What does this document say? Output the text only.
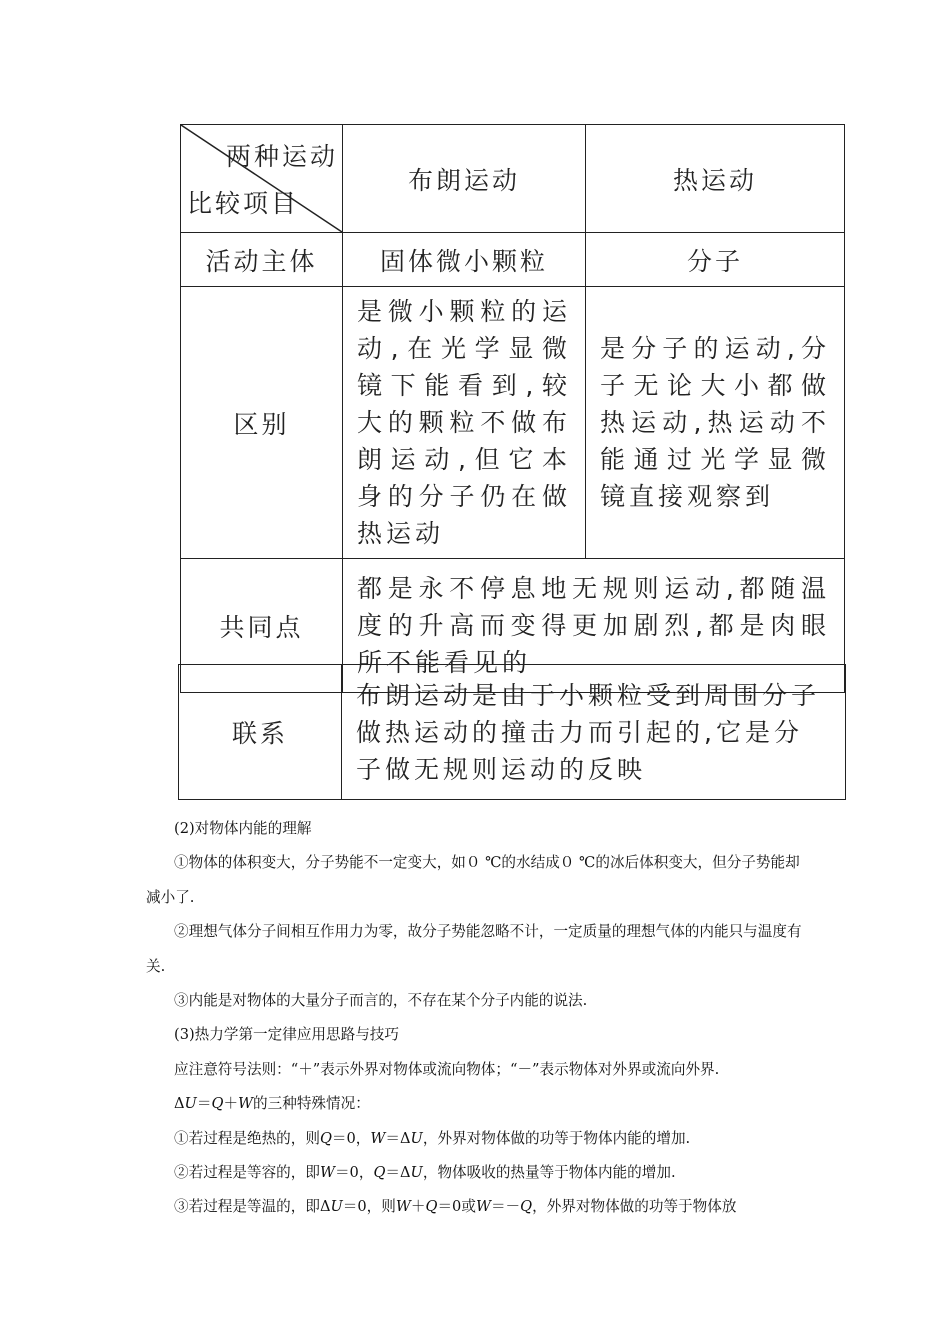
两种运动
比较项目	布朗运动	热运动
活动主体	固体微小颗粒	分子
区别	是微小颗粒的运动,在光学显微镜下能看到,较大的颗粒不做布朗运动,但它本身的分子仍在做热运动	是分子的运动,分子无论大小都做热运动,热运动不能通过光学显微镜直接观察到
共同点	都是永不停息地无规则运动,都随温度的升高而变得更加剧烈,都是肉眼所不能看见的	
联系	布朗运动是由于小颗粒受到周围分子做热运动的撞击力而引起的,它是分子做无规则运动的反映

(2)对物体内能的理解

①物体的体积变大，分子势能不一定变大，如０ ℃的水结成０ ℃的冰后体积变大，但分子势能却减小了.

②理想气体分子间相互作用力为零，故分子势能忽略不计，一定质量的理想气体的内能只与温度有关.

③内能是对物体的大量分子而言的，不存在某个分子内能的说法.

(3)热力学第一定律应用思路与技巧

应注意符号法则：“＋”表示外界对物体或流向物体；“－”表示物体对外界或流向外界.

ΔU＝Q＋W的三种特殊情况：

①若过程是绝热的，则Q＝0，W＝ΔU，外界对物体做的功等于物体内能的增加.

②若过程是等容的，即W＝0，Q＝ΔU，物体吸收的热量等于物体内能的增加.

③若过程是等温的，即ΔU＝0，则W＋Q＝0或W＝－Q，外界对物体做的功等于物体放
